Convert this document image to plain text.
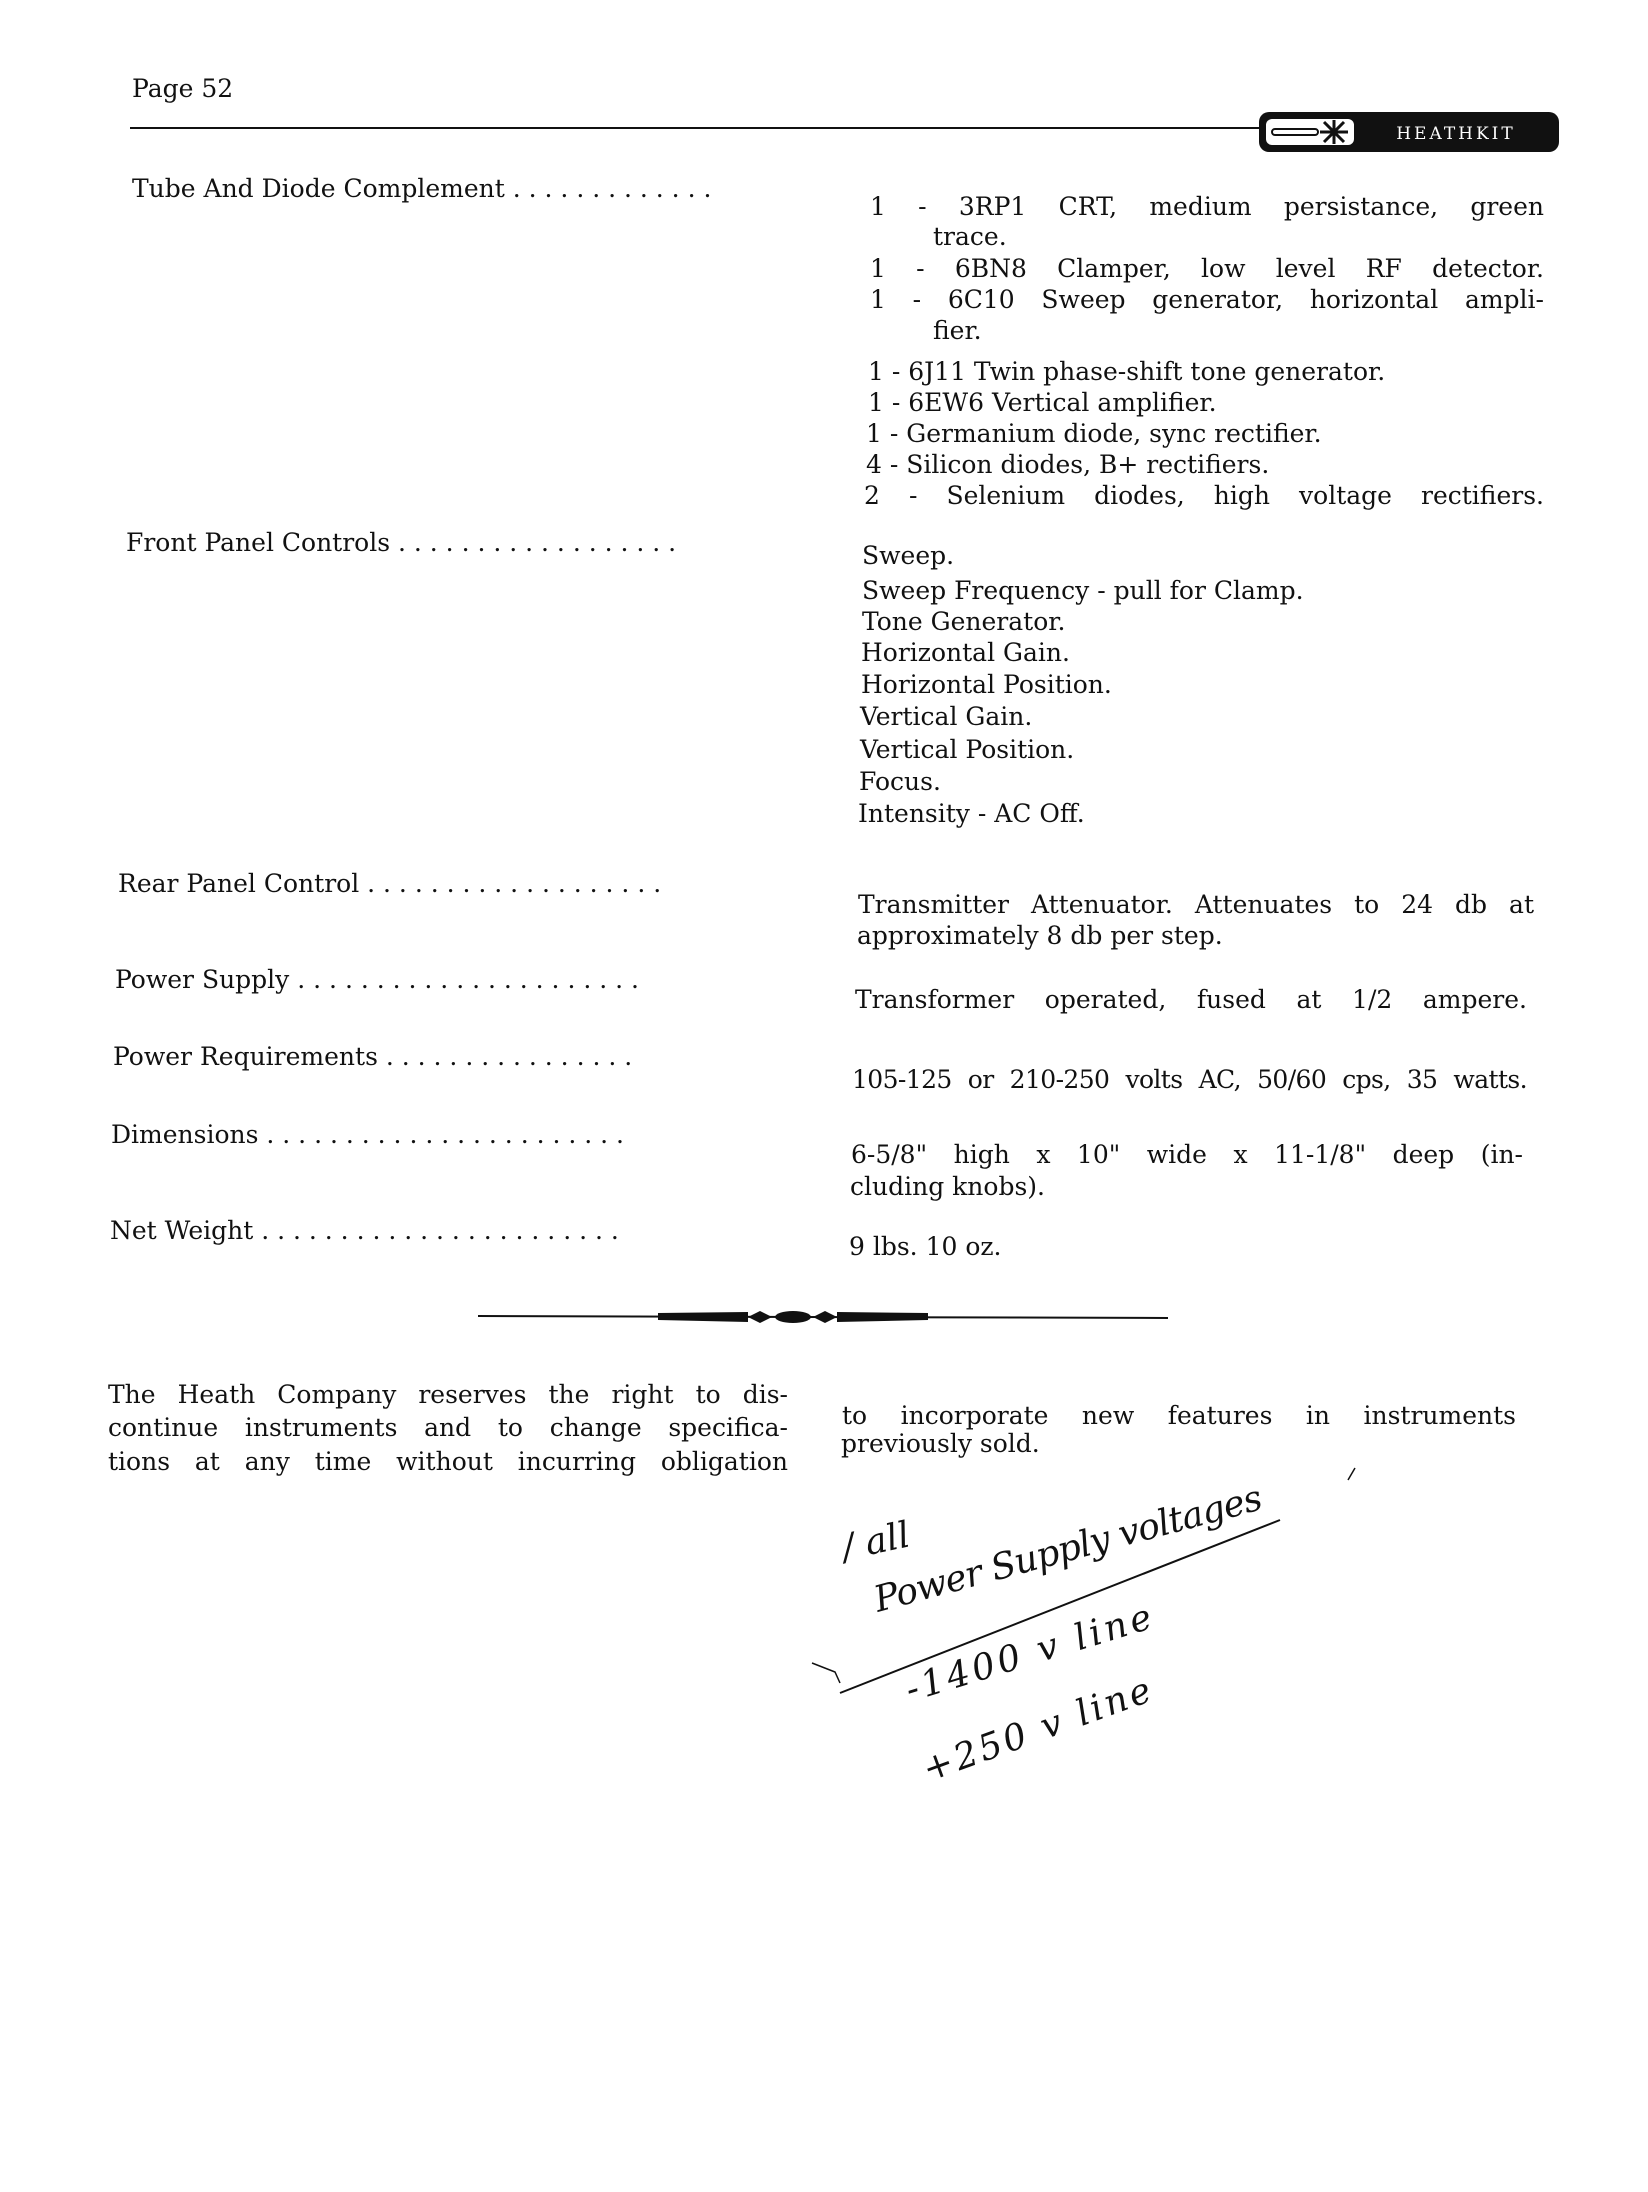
Page 52
HEATHKIT
Tube And Diode Complement . . . . . . . . . . . . .
1 - 3RP1 CRT, medium persistance, green
trace.
1 - 6BN8 Clamper, low level RF detector.
1 - 6C10 Sweep generator, horizontal ampli-
fier.
1 - 6J11 Twin phase-shift tone generator.
1 - 6EW6 Vertical amplifier.
1 - Germanium diode, sync rectifier.
4 - Silicon diodes, B+ rectifiers.
2 - Selenium diodes, high voltage rectifiers.
Front Panel Controls . . . . . . . . . . . . . . . . . .	Sweep.
Sweep Frequency - pull for Clamp.
Tone Generator.
Horizontal Gain.
Horizontal Position.
Vertical Gain.
Vertical Position.
Focus.
Intensity - AC Off.
Rear Panel Control . . . . . . . . . . . . . . . . . . .
Transmitter Attenuator. Attenuates to 24 db at
approximately 8 db per step.
Power Supply . . . . . . . . . . . . . . . . . . . . . .
Transformer operated, fused at 1/2 ampere.
Power Requirements . . . . . . . . . . . . . . . .
105-125 or 210-250 volts AC, 50/60 cps, 35 watts.
Dimensions . . . . . . . . . . . . . . . . . . . . . . .
6-5/8" high x 10" wide x 11-1/8" deep (in-
cluding knobs).
Net Weight . . . . . . . . . . . . . . . . . . . . . . .
9 lbs. 10 oz.
The Heath Company reserves the right to dis-
continue instruments and to change specifica-
tions at any time without incurring obligation
to incorporate new features in instruments
previously sold.
/ all
Power Supply voltages
-1400 v line
+250 v line
